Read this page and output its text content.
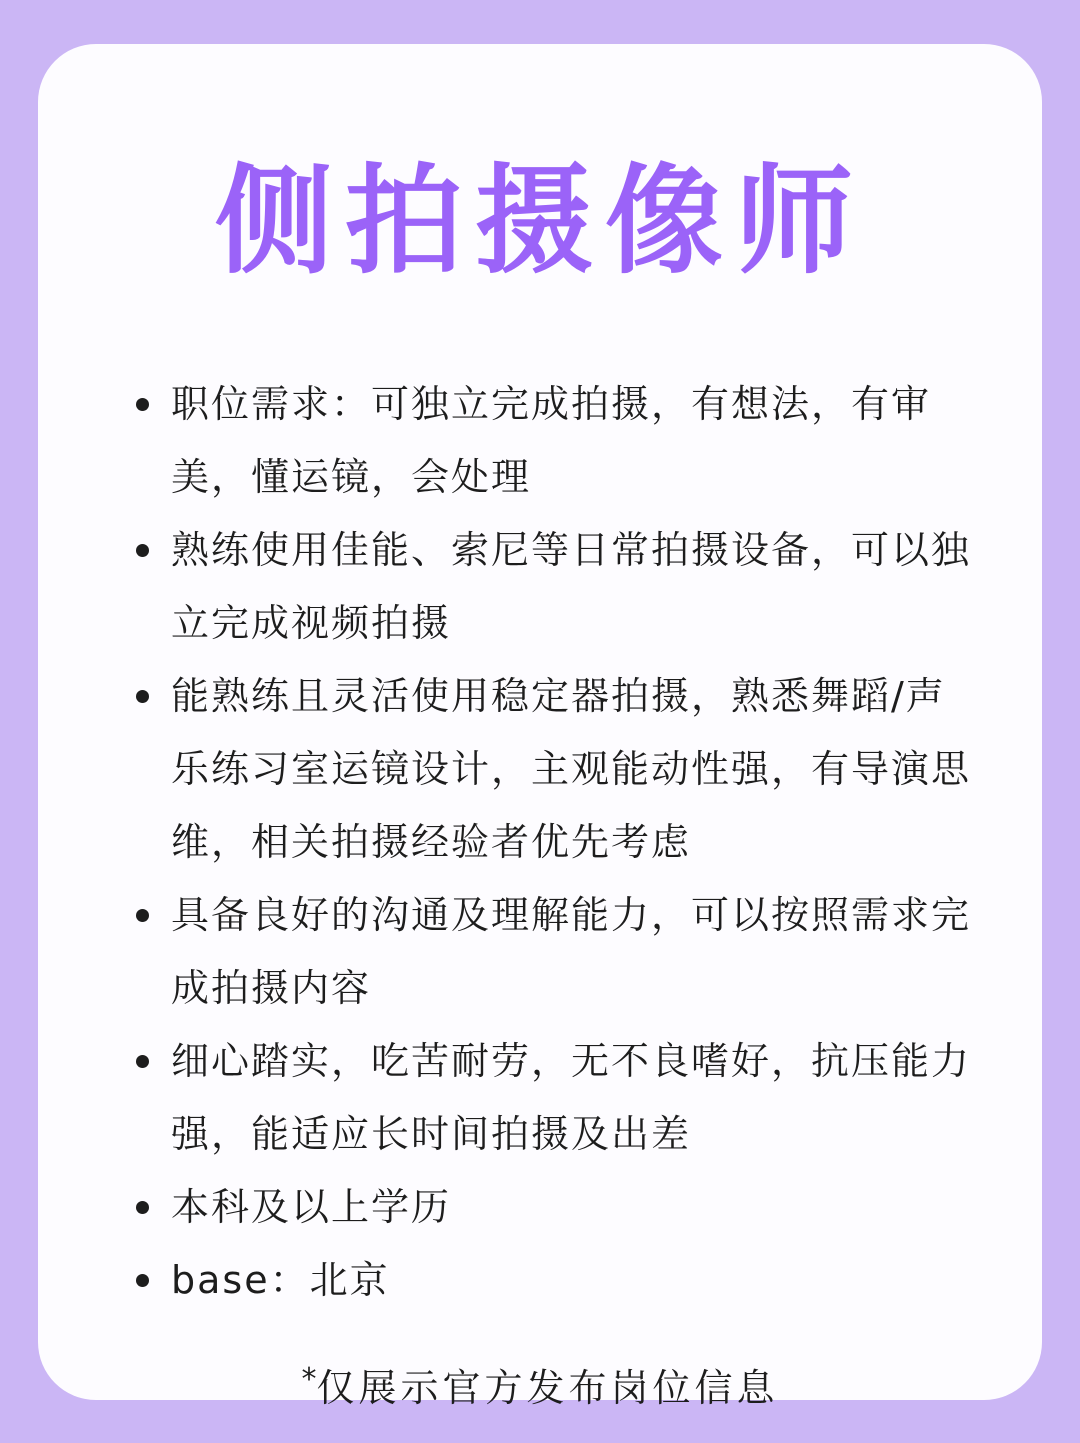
侧拍摄像师
职位需求：可独立完成拍摄，有想法，有审美，懂运镜，会处理
熟练使用佳能、索尼等日常拍摄设备，可以独立完成视频拍摄
能熟练且灵活使用稳定器拍摄，熟悉舞蹈/声乐练习室运镜设计，主观能动性强，有导演思维，相关拍摄经验者优先考虑
具备良好的沟通及理解能力，可以按照需求完成拍摄内容
细心踏实，吃苦耐劳，无不良嗜好，抗压能力强，能适应长时间拍摄及出差
本科及以上学历
base：北京
*仅展示官方发布岗位信息
